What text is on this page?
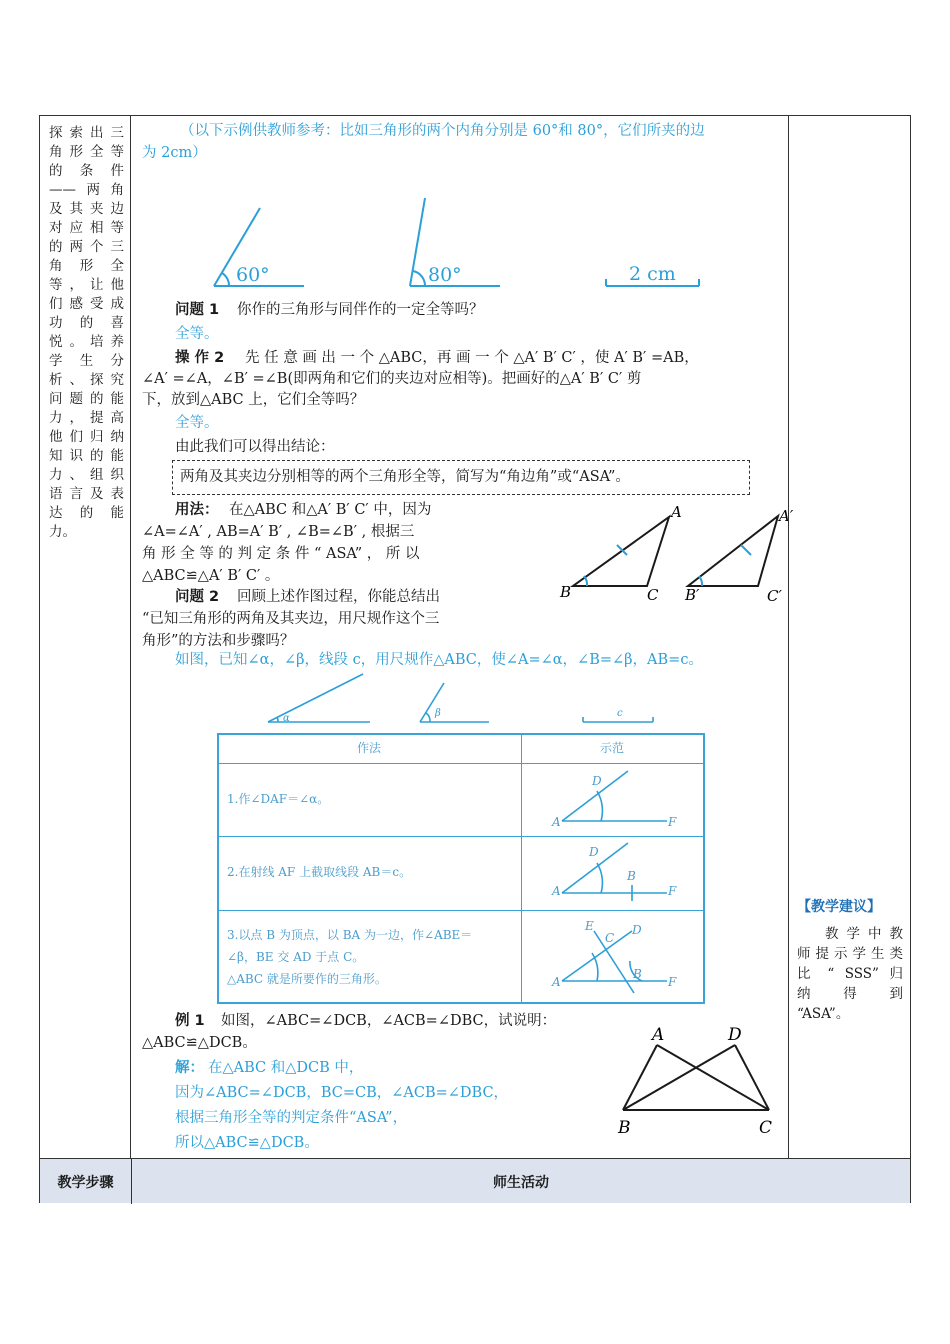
探索出三
角形全等
的 条 件
——两角
及其夹边
对应相等
的两个三
角 形 全
等，让他
们感受成
功 的 喜
悦。培养
学 生 分
析、探究
问题的能
力，提高
他们归纳
知识的能
力、组织
语言及表
达 的 能
力。
（以下示例供教师参考：比如三角形的两个内角分别是 60°和 80°，它们所夹的边
为 2cm）
60°	80°	2 cm
问题 1 你作的三角形与同伴作的一定全等吗？
全等。
操 作 2 先 任 意 画 出 一 个 △ABC，再 画 一 个 △A′ B′ C′ ，使 A′ B′ =AB，
∠A′ =∠A，∠B′ =∠B(即两角和它们的夹边对应相等)。把画好的△A′ B′ C′ 剪
下，放到△ABC 上，它们全等吗？
全等。
由此我们可以得出结论：
两角及其夹边分别相等的两个三角形全等，简写为“角边角”或“ASA”。
用法： 在△ABC 和△A′ B′ C′ 中，因为
∠A=∠A′ , AB=A′ B′ , ∠B=∠B′ , 根据三
角 形 全 等 的 判 定 条 件 “ ASA” ， 所 以
△ABC≌△A′ B′ C′ 。
A
B	C
A′
B′	C′
问题 2 回顾上述作图过程，你能总结出
“已知三角形的两角及其夹边，用尺规作这个三
角形”的方法和步骤吗？
如图，已知∠α，∠β，线段 c，用尺规作△ABC，使∠A=∠α，∠B=∠β，AB=c。
α	β	c
作法	示范
1.作∠DAF＝∠α。
2.在射线 AF 上截取线段 AB＝c。
3.以点 B 为顶点，以 BA 为一边，作∠ABE＝
∠β，BE 交 AD 于点 C。
△ABC 就是所要作的三角形。
D
A	F
D
A
B
F
E
C
D
A
B
F
例 1 如图，∠ABC=∠DCB，∠ACB=∠DBC，试说明：
△ABC≌△DCB。
解： 在△ABC 和△DCB 中，
因为∠ABC=∠DCB，BC=CB，∠ACB=∠DBC，
根据三角形全等的判定条件“ASA”，
所以△ABC≌△DCB。
A	D
B	C
【教学建议】
教学中教
师提示学生类
比 “ SSS” 归
纳　得　到
“ASA”。
教学步骤	师生活动
